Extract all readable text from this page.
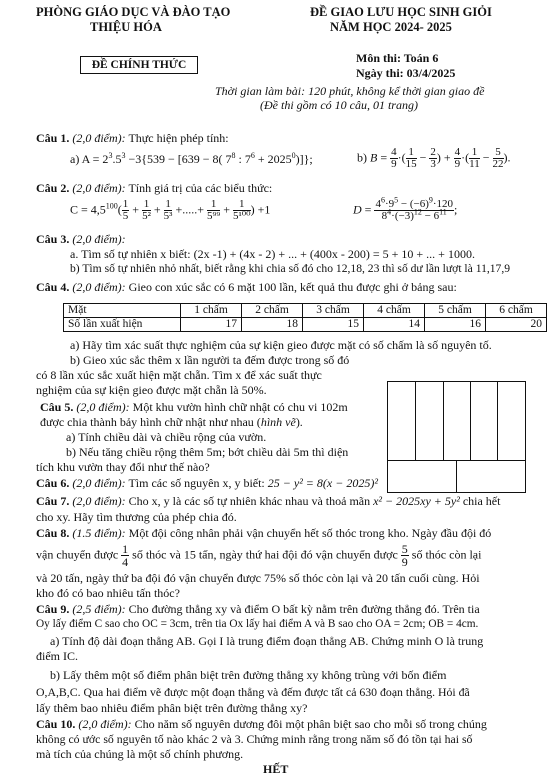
PHÒNG GIÁO DỤC VÀ ĐÀO TẠO
THIỆU HÓA
ĐỀ GIAO LƯU HỌC SINH GIỎI
NĂM HỌC 2024- 2025
ĐỀ CHÍNH THỨC	Môn thi: Toán 6
Ngày thi: 03/4/2025
Thời gian làm bài: 120 phút, không kể thời gian giao đề
(Đề thi gồm có 10 câu, 01 trang)
Câu 1. (2,0 điểm): Thực hiện phép tính:
a) $A = 2^3.5^3 -3\{539 - [639 - 8$( $7^8$ : $7^6 + 2025^0$)]};	b) $B = \frac{4}{9}$ ·( $\frac{1}{15} - \frac{2}{3}$ ) + $\frac{4}{9}$ ·( $\frac{1}{11} - \frac{5}{22}$ ).
Câu 2. (2,0 điểm): Tính giá trị của các biểu thức:
$C = 4,5^{100}( \frac{1}{5} + \frac{1}{\text{5²}} + \frac{1}{\text{5³}}$ +.....+ $\frac{1}{\text{5⁹⁹}} + \frac{1}{\text{5¹⁰⁰}}$ ) +1	$D = \frac{4^6\cdot 9^5 - (-6)^9\cdot 120}{8^4\cdot(-3)^{12} - 6^{11}}$ ;
Câu 3. (2,0 điểm):
a. Tìm số tự nhiên x biết: (2x -1) + (4x - 2) + ... + (400x - 200) = 5 + 10 + ... + 1000.
b) Tìm số tự nhiên nhỏ nhất, biết rằng khi chia số đó cho 12,18, 23 thì số dư lần lượt là 11,17,9
Câu 4. (2,0 điểm): Gieo con xúc sắc có 6 mặt 100 lần, kết quả thu được ghi ở bảng sau:
Mặt	1 chấm	2 chấm	3 chấm	4 chấm	5 chấm	6 chấm
Số lần xuất hiện	17	18	15	14	16	20
a) Hãy tìm xác suất thực nghiệm của sự kiện gieo được mặt có số chấm là số nguyên tố.
b) Gieo xúc sắc thêm x lần người ta đếm được trong số đó
có 8 lần xúc sắc xuất hiện mặt chẵn. Tìm x để xác suất thực
nghiệm của sự kiện gieo được mặt chẵn là 50%.
Câu 5. (2,0 điểm): Một khu vườn hình chữ nhật có chu vi 102m
được chia thành bảy hình chữ nhật như nhau (hình vẽ).
a) Tính chiều dài và chiều rộng của vườn.
b) Nếu tăng chiều rộng thêm 5m; bớt chiều dài 5m thì diện
tích khu vườn thay đổi như thế nào?
Câu 6. (2,0 điểm): Tìm các số nguyên x, y biết: 25 − y² = 8(x − 2025)²
Câu 7. (2,0 điểm): Cho x, y là các số tự nhiên khác nhau và thoả mãn x² − 2025xy + 5y² chia hết
cho xy. Hãy tìm thương của phép chia đó.
Câu 8. (1.5 điểm): Một đội công nhân phải vận chuyển hết số thóc trong kho. Ngày đầu đội đó
vận chuyển được $\frac{1}{4}$ số thóc và 15 tấn, ngày thứ hai đội đó vận chuyển được $\frac{5}{9}$ số thóc còn lại
và 20 tấn, ngày thứ ba đội đó vận chuyển được 75% số thóc còn lại và 20 tấn cuối cùng. Hỏi
kho đó có bao nhiêu tấn thóc?
Câu 9. (2,5 điểm): Cho đường thẳng xy và điểm O bất kỳ nằm trên đường thẳng đó. Trên tia
Oy lấy điểm C sao cho OC = 3cm, trên tia Ox lấy hai điểm A và B sao cho OA = 2cm; OB = 4cm.
a) Tính độ dài đoạn thẳng AB. Gọi I là trung điểm đoạn thẳng AB. Chứng minh O là trung
điểm IC.
b) Lấy thêm một số điểm phân biệt trên đường thẳng xy không trùng với bốn điểm
O,A,B,C. Qua hai điểm vẽ được một đoạn thẳng và đếm được tất cả 630 đoạn thẳng. Hỏi đã
lấy thêm bao nhiêu điểm phân biệt trên đường thẳng xy?
Câu 10. (2,0 điểm): Cho năm số nguyên dương đôi một phân biệt sao cho mỗi số trong chúng
không có ước số nguyên tố nào khác 2 và 3. Chứng minh rằng trong năm số đó tồn tại hai số
mà tích của chúng là một số chính phương.
HẾT
